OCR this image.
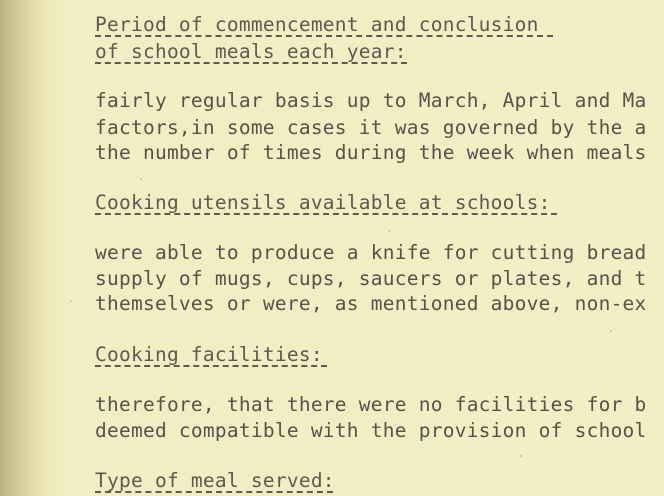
Period of commencement and conclusion
of school meals each year:
fairly regular basis up to March, April and Ma
factors,in some cases it was governed by the a
the number of times during the week when meals
Cooking utensils available at schools:
were able to produce a knife for cutting bread
supply of mugs, cups, saucers or plates, and t
themselves or were, as mentioned above, non-ex
Cooking facilities:
therefore, that there were no facilities for b
deemed compatible with the provision of school
Type of meal served:
